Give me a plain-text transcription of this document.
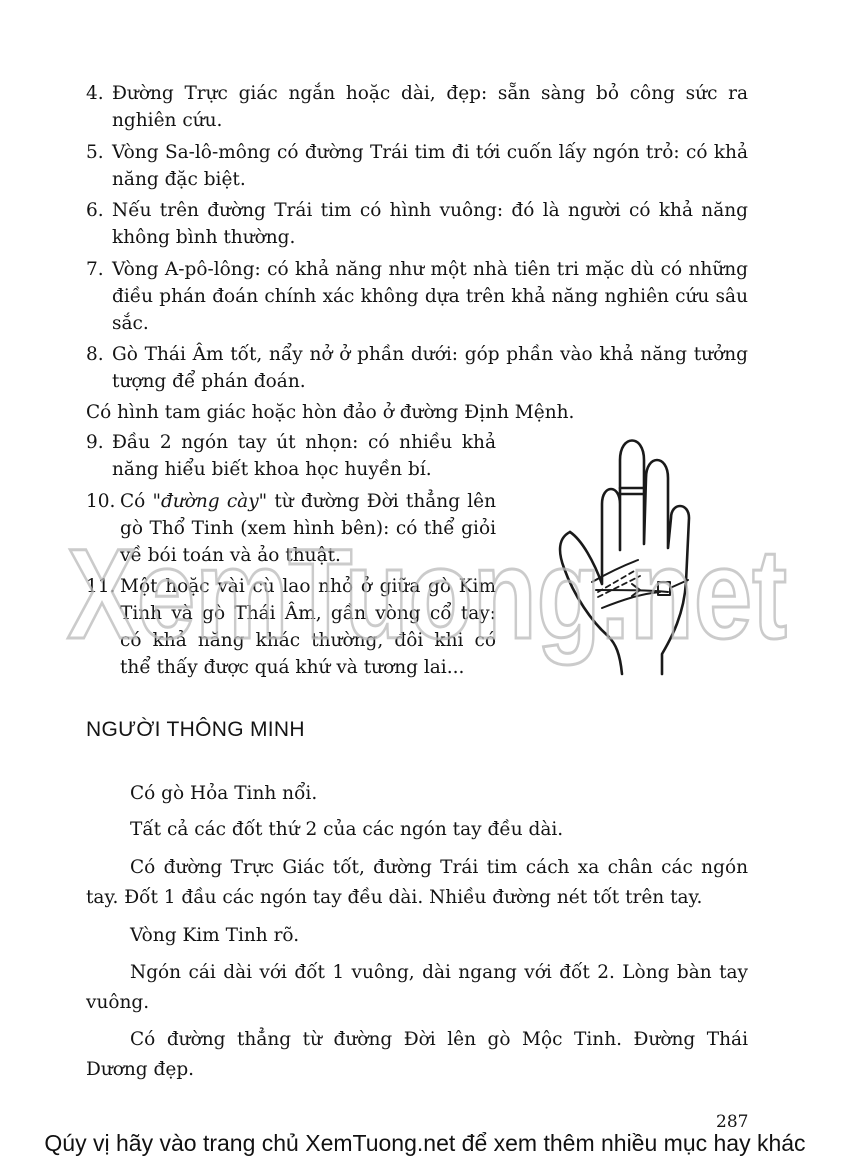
4. Đường Trực giác ngắn hoặc dài, đẹp: sẵn sàng bỏ công sức ra nghiên cứu.
5. Vòng Sa-lô-mông có đường Trái tim đi tới cuốn lấy ngón trỏ: có khả năng đặc biệt.
6. Nếu trên đường Trái tim có hình vuông: đó là người có khả năng không bình thường.
7. Vòng A-pô-lông: có khả năng như một nhà tiên tri mặc dù có những điều phán đoán chính xác không dựa trên khả năng nghiên cứu sâu sắc.
8. Gò Thái Âm tốt, nẩy nở ở phần dưới: góp phần vào khả năng tưởng tượng để phán đoán.
Có hình tam giác hoặc hòn đảo ở đường Định Mệnh.
9. Đầu 2 ngón tay út nhọn: có nhiều khả năng hiểu biết khoa học huyền bí.
10. Có "đường cày" từ đường Đời thẳng lên gò Thổ Tinh (xem hình bên): có thể giỏi về bói toán và ảo thuật.
11. Một hoặc vài cù lao nhỏ ở giữa gò Kim Tinh và gò Thái Âm, gần vòng cổ tay: có khả năng khác thường, đôi khi có thể thấy được quá khứ và tương lai...
XemTuong.net
NGƯỜI THÔNG MINH
Có gò Hỏa Tinh nổi.
Tất cả các đốt thứ 2 của các ngón tay đều dài.
Có đường Trực Giác tốt, đường Trái tim cách xa chân các ngón tay. Đốt 1 đầu các ngón tay đều dài. Nhiều đường nét tốt trên tay.
Vòng Kim Tinh rõ.
Ngón cái dài với đốt 1 vuông, dài ngang với đốt 2. Lòng bàn tay vuông.
Có đường thẳng từ đường Đời lên gò Mộc Tinh. Đường Thái Dương đẹp.
287
Qúy vị hãy vào trang chủ XemTuong.net để xem thêm nhiều mục hay khác
